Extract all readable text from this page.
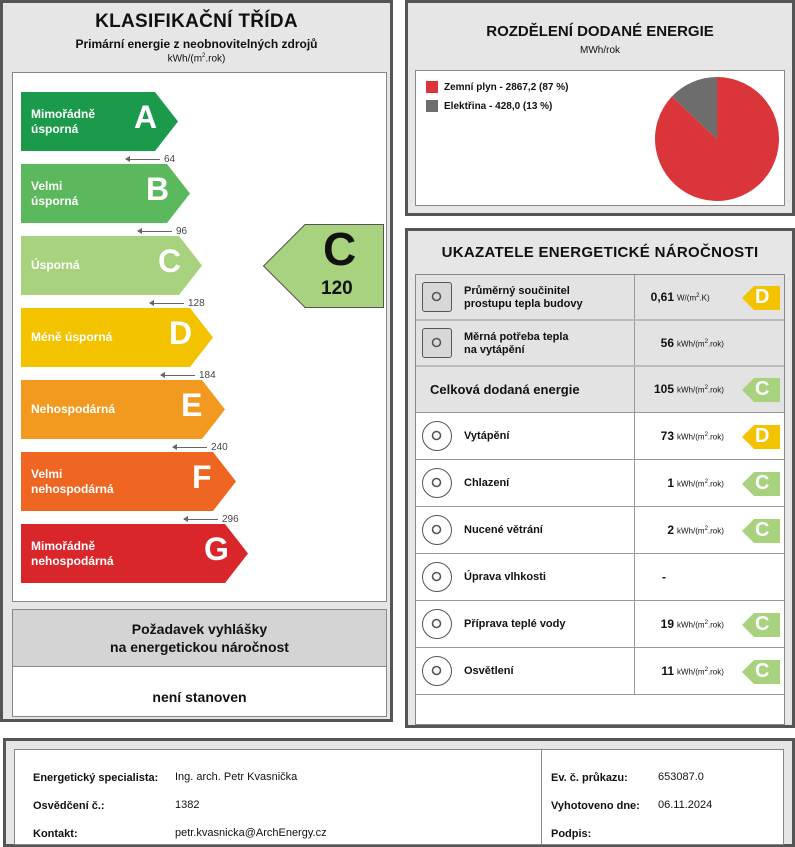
KLASIFIKAČNÍ TŘÍDA
Primární energie z neobnovitelných zdrojů
kWh/$(m^2.rok)$
Mimořádně
úsporná	A
64
Velmi
úsporná B
96
Úsporná C
128
Méně úsporná D
184
Nehospodárná E
240
Velmi
nehospodárná F
296
Mimořádně
nehospodárná	G
C
120
Požadavek vyhlášky
na energetickou náročnost
není stanoven
ROZDĚLENÍ DODANÉ ENERGIE
MWh/rok
Zemní plyn - 2867,2 (87 %)
Elektřina - 428,0 (13 %)
UKAZATELE ENERGETICKÉ NÁROČNOSTI
Průměrný součinitel
prostupu tepla budovy	0,61 $W/(m^2.K)$ D
Měrná potřeba tepla
na vytápění	56 kWh/$(m^2.rok)$
Celková dodaná energie	105 kWh/$(m^2.rok)$ C
Vytápění	73 kWh/$(m^2.rok)$ D
Chlazení	1 kWh/$(m^2.rok)$ C
Nucené větrání	2 kWh/$(m^2.rok)$ C
Úprava vlhkosti	-
Příprava teplé vody	19 kWh/$(m^2.rok)$ C
Osvětlení	11 kWh/$(m^2.rok)$ C
Energetický specialista: Ing. arch. Petr Kvasnička
Osvědčení č.:	1382
Kontakt:	petr.kvasnicka@ArchEnergy.cz
Ev. č. průkazu:	653087.0
Vyhotoveno dne: 06.11.2024
Podpis:
